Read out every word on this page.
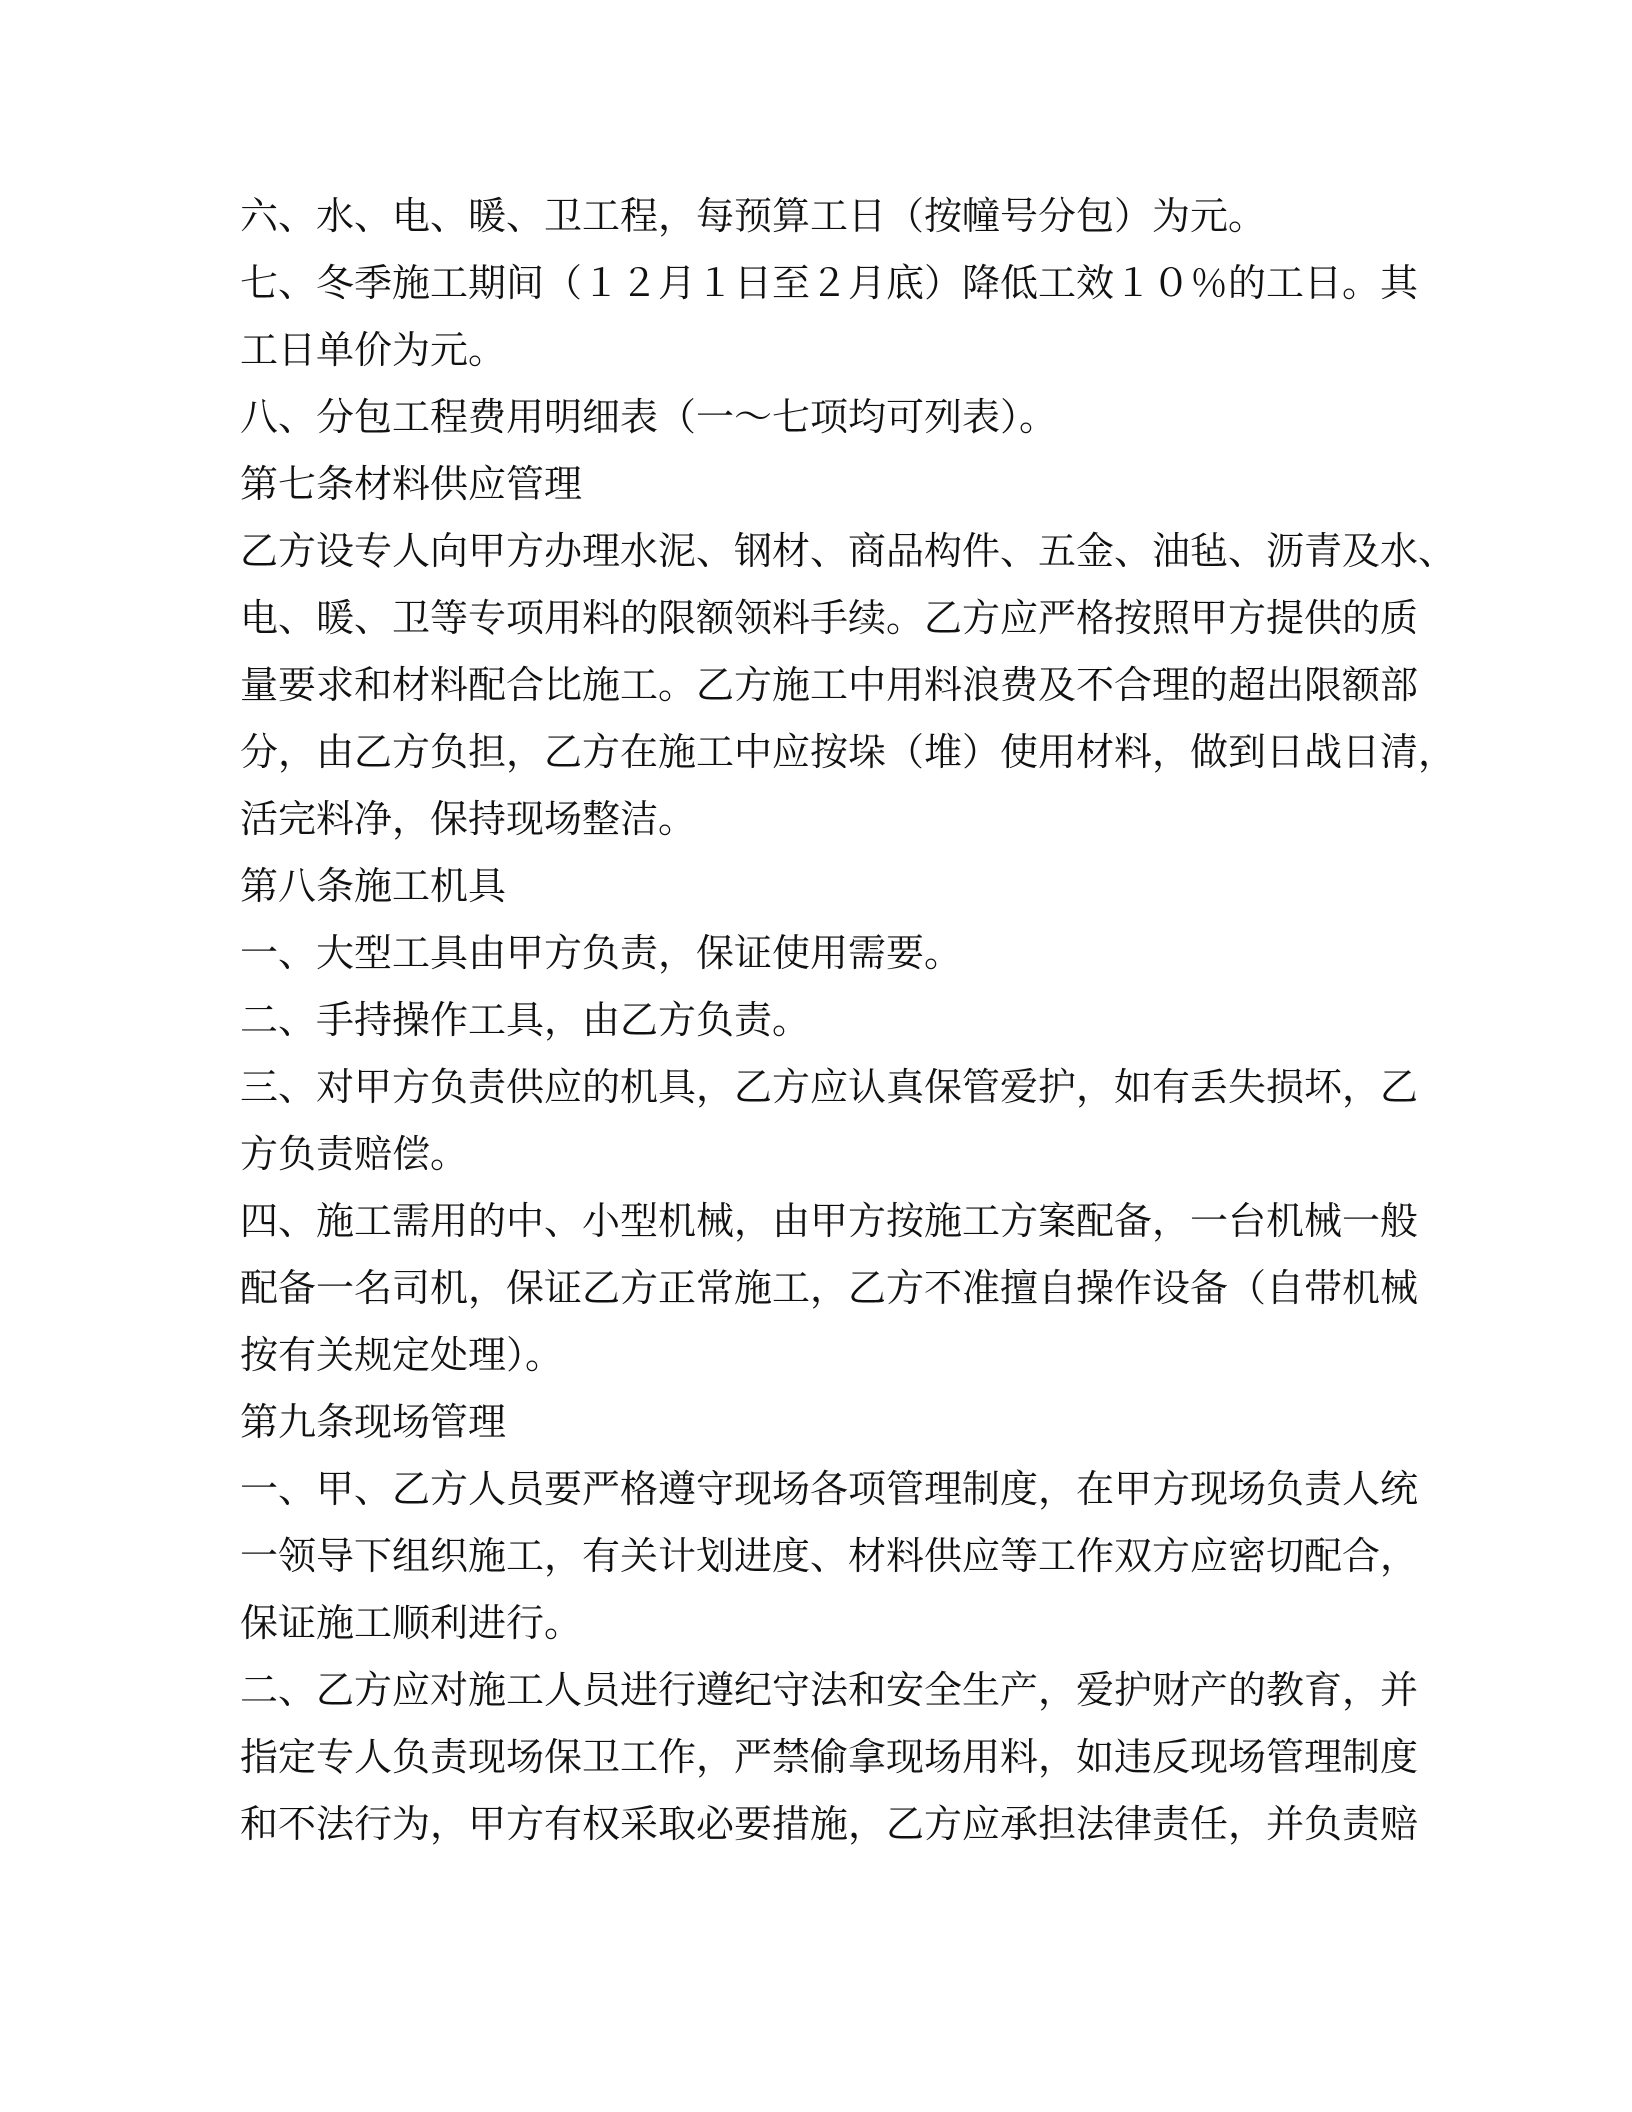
六、水、电、暖、卫工程，每预算工日（按幢号分包）为元。
七、冬季施工期间（１２月１日至２月底）降低工效１０％的工日。其
工日单价为元。
八、分包工程费用明细表（一～七项均可列表）。
第七条材料供应管理
乙方设专人向甲方办理水泥、钢材、商品构件、五金、油毡、沥青及水、
电、暖、卫等专项用料的限额领料手续。乙方应严格按照甲方提供的质
量要求和材料配合比施工。乙方施工中用料浪费及不合理的超出限额部
分，由乙方负担，乙方在施工中应按垛（堆）使用材料，做到日战日清，
活完料净，保持现场整洁。
第八条施工机具
一、大型工具由甲方负责，保证使用需要。
二、手持操作工具，由乙方负责。
三、对甲方负责供应的机具，乙方应认真保管爱护，如有丢失损坏，乙
方负责赔偿。
四、施工需用的中、小型机械，由甲方按施工方案配备，一台机械一般
配备一名司机，保证乙方正常施工，乙方不准擅自操作设备（自带机械
按有关规定处理）。
第九条现场管理
一、甲、乙方人员要严格遵守现场各项管理制度，在甲方现场负责人统
一领导下组织施工，有关计划进度、材料供应等工作双方应密切配合，
保证施工顺利进行。
二、乙方应对施工人员进行遵纪守法和安全生产，爱护财产的教育，并
指定专人负责现场保卫工作，严禁偷拿现场用料，如违反现场管理制度
和不法行为，甲方有权采取必要措施，乙方应承担法律责任，并负责赔
